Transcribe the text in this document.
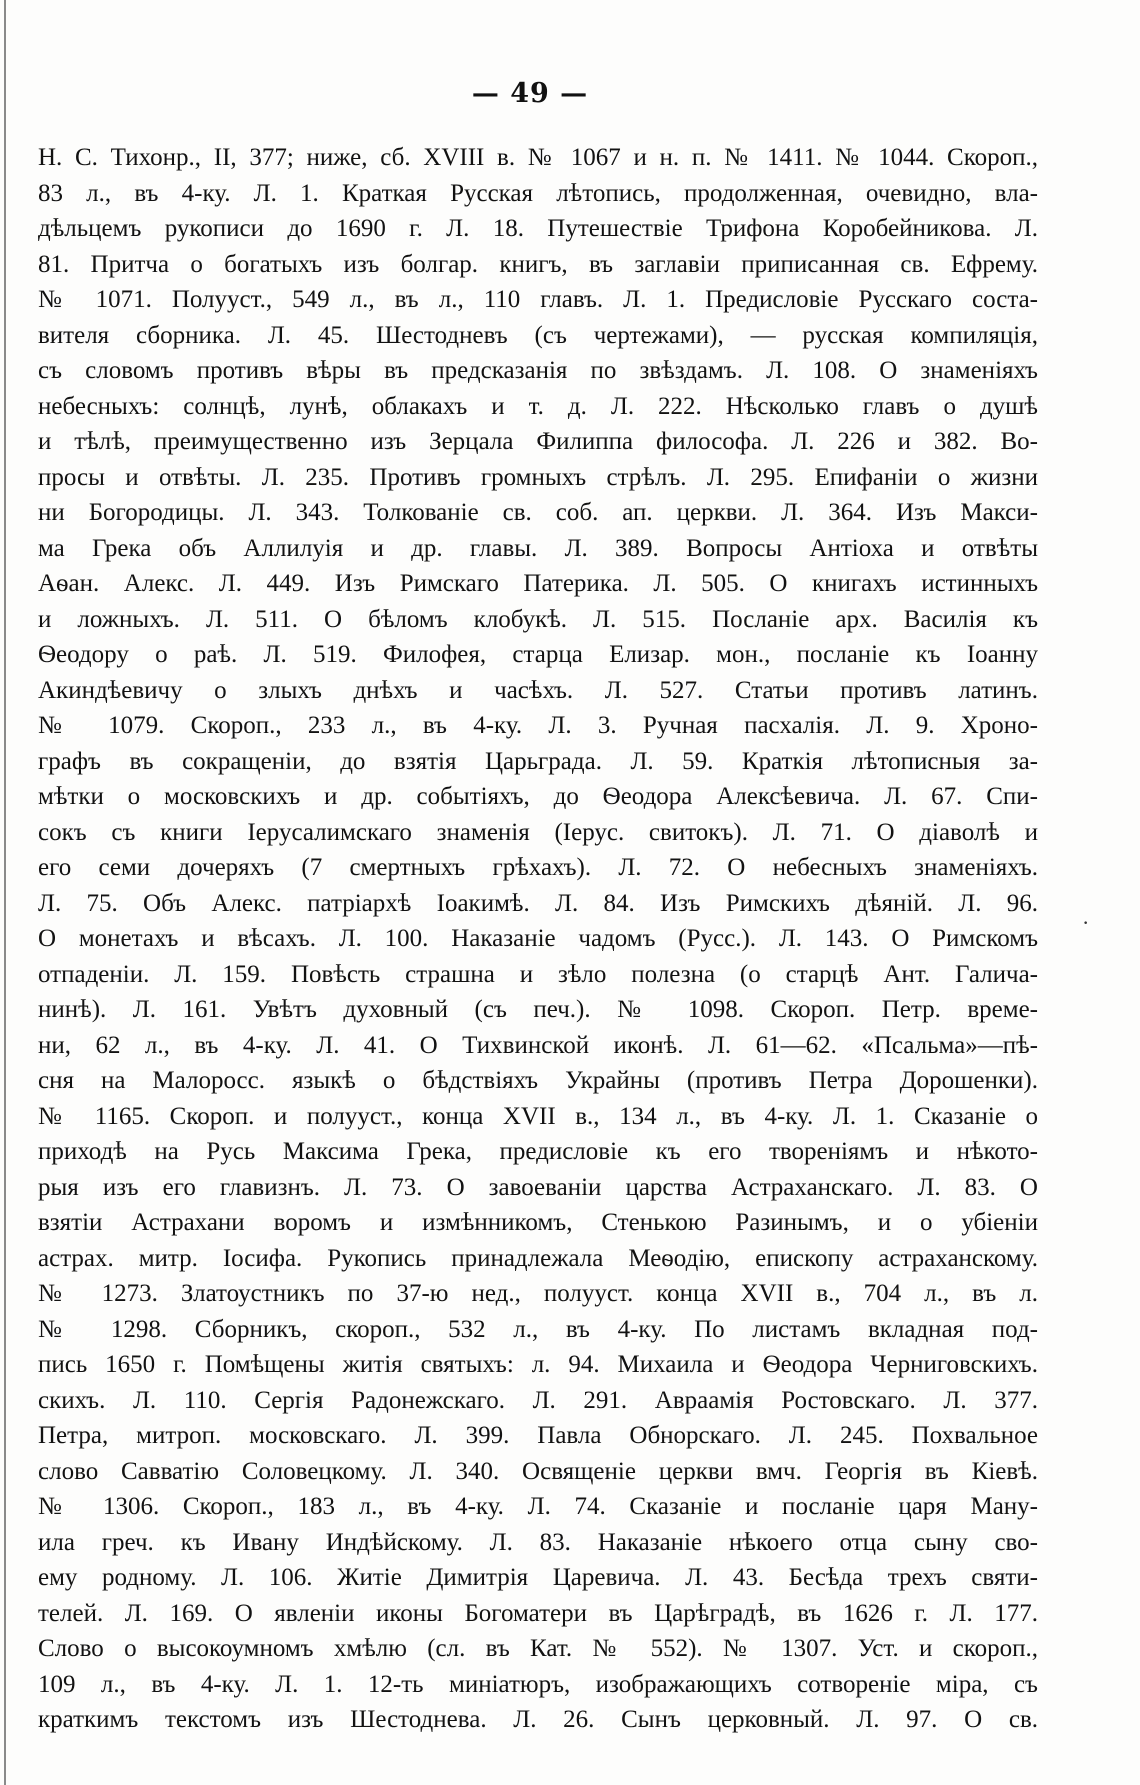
— 49 —
Н. С. Тихонр., II, 377; ниже, сб. XVIII в. № 1067 и н. п. № 1411. № 1044. Скороп.,
83 л., въ 4-ку. Л. 1. Краткая Русская лѣтопись, продолженная, очевидно, вла-
дѣльцемъ рукописи до 1690 г. Л. 18. Путешествіе Трифона Коробейникова. Л.
81. Притча о богатыхъ изъ болгар. книгъ, въ заглавіи приписанная св. Ефрему.
№ 1071. Полууст., 549 л., въ л., 110 главъ. Л. 1. Предисловіе Русскаго соста-
вителя сборника. Л. 45. Шестодневъ (съ чертежами), — русская компиляція,
съ словомъ противъ вѣры въ предсказанія по звѣздамъ. Л. 108. О знаменіяхъ
небесныхъ: солнцѣ, лунѣ, облакахъ и т. д. Л. 222. Нѣсколько главъ о душѣ
и тѣлѣ, преимущественно изъ Зерцала Филиппа философа. Л. 226 и 382. Во-
просы и отвѣты. Л. 235. Противъ громныхъ стрѣлъ. Л. 295. Епифаніи о жизни
ни Богородицы. Л. 343. Толкованіе св. соб. ап. церкви. Л. 364. Изъ Макси-
ма Грека объ Аллилуія и др. главы. Л. 389. Вопросы Антіоха и отвѣты
Аѳан. Алекс. Л. 449. Изъ Римскаго Патерика. Л. 505. О книгахъ истинныхъ
и ложныхъ. Л. 511. О бѣломъ клобукѣ. Л. 515. Посланіе арх. Василія къ
Ѳеодору о раѣ. Л. 519. Филофея, старца Елизар. мон., посланіе къ Іоанну
Акиндѣевичу о злыхъ днѣхъ и часѣхъ. Л. 527. Статьи противъ латинъ.
№ 1079. Скороп., 233 л., въ 4-ку. Л. 3. Ручная пасхалія. Л. 9. Хроно-
графъ въ сокращеніи, до взятія Царьграда. Л. 59. Краткія лѣтописныя за-
мѣтки о московскихъ и др. событіяхъ, до Ѳеодора Алексѣевича. Л. 67. Спи-
сокъ съ книги Іерусалимскаго знаменія (Іерус. свитокъ). Л. 71. О діаволѣ и
его семи дочеряхъ (7 смертныхъ грѣхахъ). Л. 72. О небесныхъ знаменіяхъ.
Л. 75. Объ Алекс. патріархѣ Іоакимѣ. Л. 84. Изъ Римскихъ дѣяній. Л. 96.
О монетахъ и вѣсахъ. Л. 100. Наказаніе чадомъ (Русс.). Л. 143. О Римскомъ
отпаденіи. Л. 159. Повѣсть страшна и зѣло полезна (о старцѣ Ант. Галича-
нинѣ). Л. 161. Увѣтъ духовный (съ печ.). № 1098. Скороп. Петр. време-
ни, 62 л., въ 4-ку. Л. 41. О Тихвинской иконѣ. Л. 61—62. «Псальма»—пѣ-
сня на Малоросс. языкѣ о бѣдствіяхъ Украйны (противъ Петра Дорошенки).
№ 1165. Скороп. и полууст., конца XVII в., 134 л., въ 4-ку. Л. 1. Сказаніе о
приходѣ на Русь Максима Грека, предисловіе къ его твореніямъ и нѣкото-
рыя изъ его главизнъ. Л. 73. О завоеваніи царства Астраханскаго. Л. 83. О
взятіи Астрахани воромъ и измѣнникомъ, Стенькою Разинымъ, и о убіеніи
астрах. митр. Іосифа. Рукопись принадлежала Меѳодію, епископу астраханскому.
№ 1273. Златоустникъ по 37-ю нед., полууст. конца XVII в., 704 л., въ л.
№ 1298. Сборникъ, скороп., 532 л., въ 4-ку. По листамъ вкладная под-
пись 1650 г. Помѣщены житія святыхъ: л. 94. Михаила и Ѳеодора Черниговскихъ.
скихъ. Л. 110. Сергія Радонежскаго. Л. 291. Авраамія Ростовскаго. Л. 377.
Петра, митроп. московскаго. Л. 399. Павла Обнорскаго. Л. 245. Похвальное
слово Савватію Соловецкому. Л. 340. Освященіе церкви вмч. Георгія въ Кіевѣ.
№ 1306. Скороп., 183 л., въ 4-ку. Л. 74. Сказаніе и посланіе царя Ману-
ила греч. къ Ивану Индѣйскому. Л. 83. Наказаніе нѣкоего отца сыну сво-
ему родному. Л. 106. Житіе Димитрія Царевича. Л. 43. Бесѣда трехъ святи-
телей. Л. 169. О явленіи иконы Богоматери въ Царѣградѣ, въ 1626 г. Л. 177.
Слово о высокоумномъ хмѣлю (сл. въ Кат. № 552). № 1307. Уст. и скороп.,
109 л., въ 4-ку. Л. 1. 12-ть миніатюръ, изображающихъ сотвореніе міра, съ
краткимъ текстомъ изъ Шестоднева. Л. 26. Сынъ церковный. Л. 97. О св.
·
